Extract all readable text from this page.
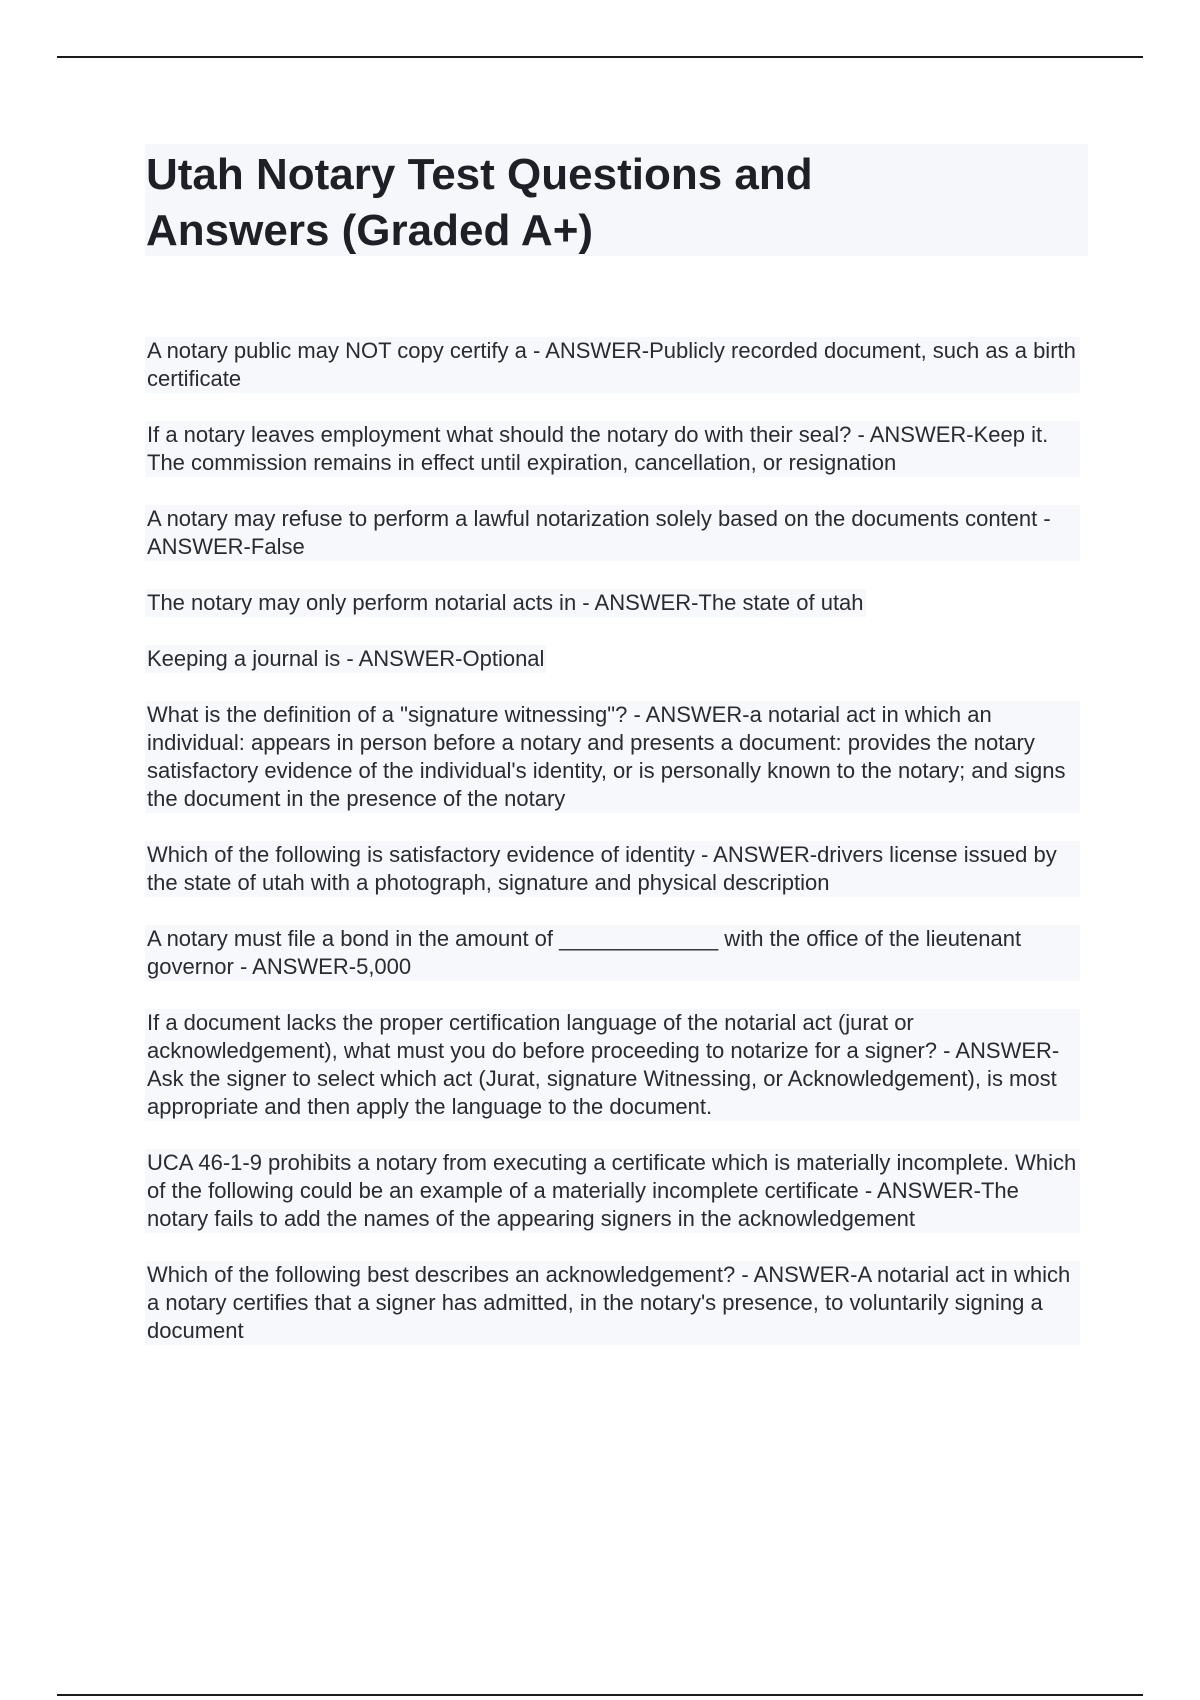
Utah Notary Test Questions and Answers (Graded A+)

A notary public may NOT copy certify a - ANSWER-Publicly recorded document, such as a birth certificate

If a notary leaves employment what should the notary do with their seal? - ANSWER-Keep it. The commission remains in effect until expiration, cancellation, or resignation

A notary may refuse to perform a lawful notarization solely based on the documents content - ANSWER-False

The notary may only perform notarial acts in - ANSWER-The state of utah

Keeping a journal is - ANSWER-Optional

What is the definition of a "signature witnessing"? - ANSWER-a notarial act in which an individual: appears in person before a notary and presents a document: provides the notary satisfactory evidence of the individual's identity, or is personally known to the notary; and signs the document in the presence of the notary

Which of the following is satisfactory evidence of identity - ANSWER-drivers license issued by the state of utah with a photograph, signature and physical description

A notary must file a bond in the amount of _____________ with the office of the lieutenant governor - ANSWER-5,000

If a document lacks the proper certification language of the notarial act (jurat or acknowledgement), what must you do before proceeding to notarize for a signer? - ANSWER-Ask the signer to select which act (Jurat, signature Witnessing, or Acknowledgement), is most appropriate and then apply the language to the document.

UCA 46-1-9 prohibits a notary from executing a certificate which is materially incomplete. Which of the following could be an example of a materially incomplete certificate - ANSWER-The notary fails to add the names of the appearing signers in the acknowledgement

Which of the following best describes an acknowledgement? - ANSWER-A notarial act in which a notary certifies that a signer has admitted, in the notary's presence, to voluntarily signing a document
